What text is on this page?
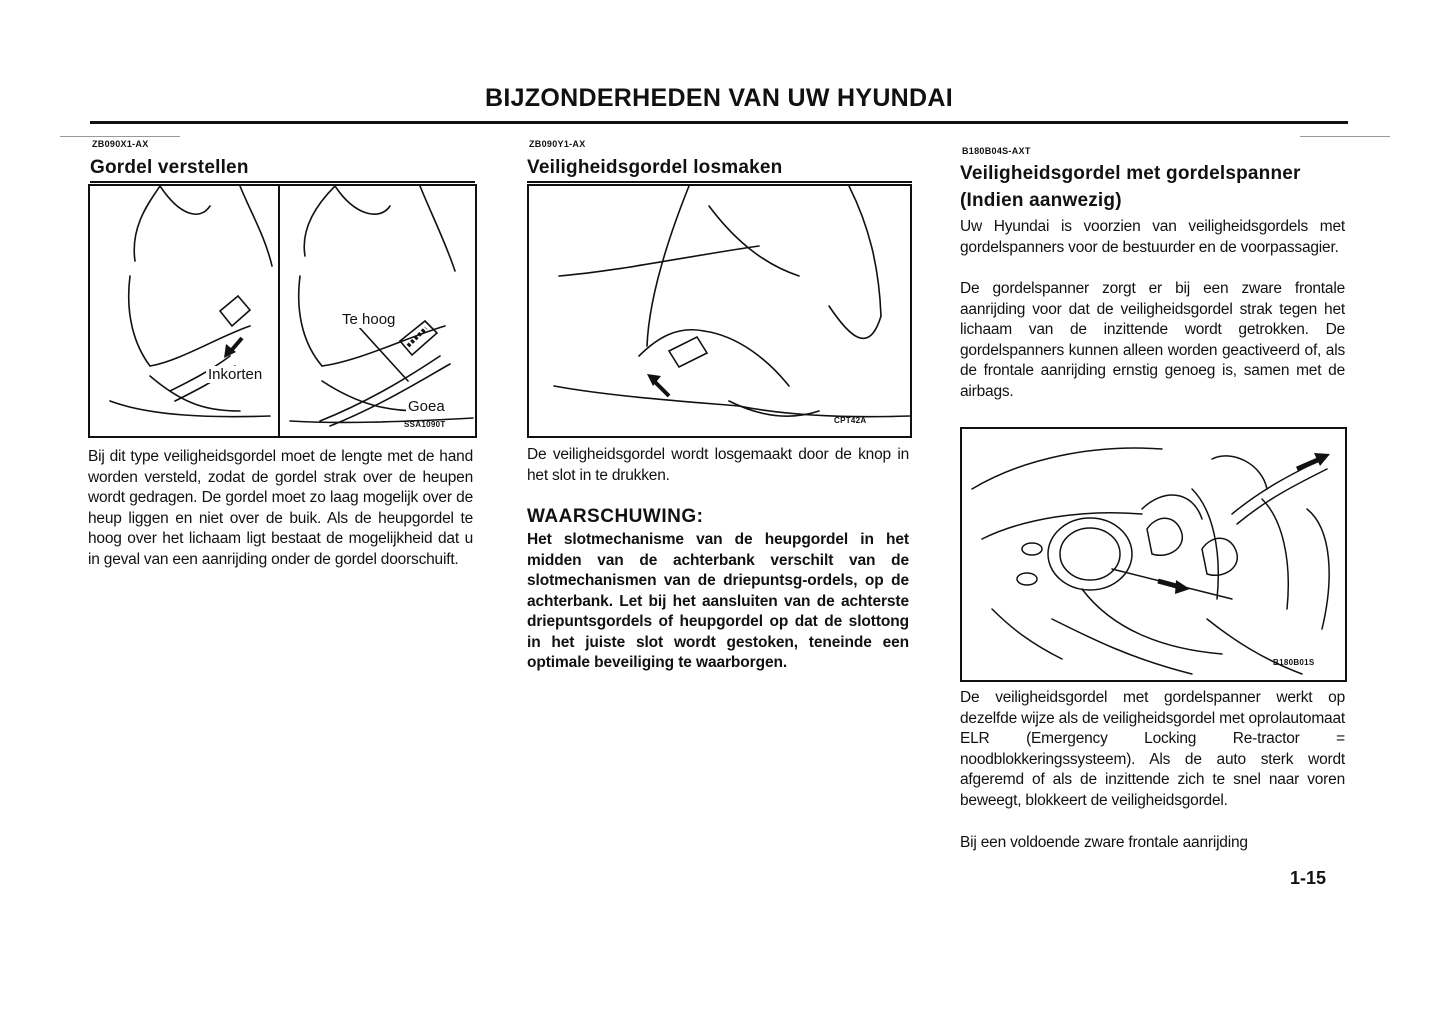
BIJZONDERHEDEN VAN UW HYUNDAI
ZB090X1-AX
Gordel verstellen
Te hoog
Inkorten
Goea
SSA1090T
Bij dit type veiligheidsgordel moet de lengte met de hand worden versteld, zodat de gordel strak over de heupen wordt gedragen. De gordel moet zo laag mogelijk over de heup liggen en niet over de buik. Als de heupgordel te hoog over het lichaam ligt bestaat de mogelijkheid dat u in geval van een aanrijding onder de gordel doorschuift.
ZB090Y1-AX
Veiligheidsgordel losmaken
CPT42A
De veiligheidsgordel wordt losgemaakt door de knop in het slot in te drukken.
WAARSCHUWING:
Het slotmechanisme van de heupgordel in het midden van de achterbank verschilt van de slotmechanismen van de driepuntsg-ordels, op de achterbank. Let bij het aansluiten van de achterste driepuntsgordels of heupgordel op dat de slottong in het juiste slot wordt gestoken, teneinde een optimale beveiliging te waarborgen.
B180B04S-AXT
Veiligheidsgordel met gordelspanner
(Indien aanwezig)
Uw Hyundai is voorzien van veiligheidsgordels met gordelspanners voor de bestuurder en de voorpassagier.
De gordelspanner zorgt er bij een zware frontale aanrijding voor dat de veiligheidsgordel strak tegen het lichaam van de inzittende wordt getrokken. De gordelspanners kunnen alleen worden geactiveerd of, als de frontale aanrijding ernstig genoeg is, samen met de airbags.
B180B01S
De veiligheidsgordel met gordelspanner werkt op dezelfde wijze als de veiligheidsgordel met oprolautomaat ELR (Emergency Locking Re-tractor = noodblokkeringssysteem). Als de auto sterk wordt afgeremd of als de inzittende zich te snel naar voren beweegt, blokkeert de veiligheidsgordel.
Bij een voldoende zware frontale aanrijding
1-15
